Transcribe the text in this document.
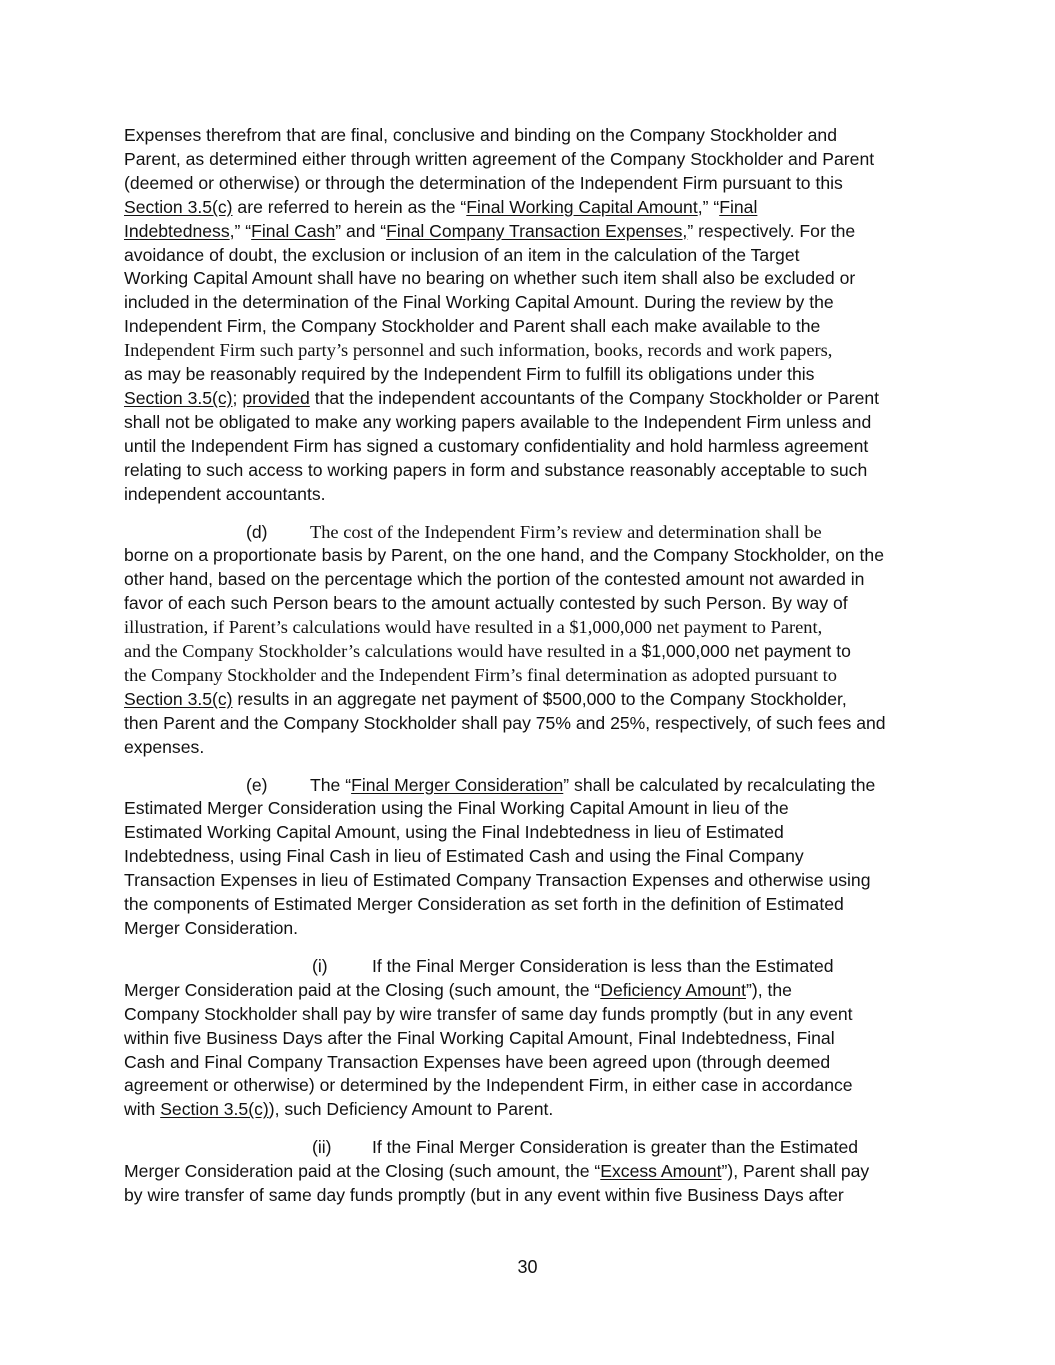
Expenses therefrom that are final, conclusive and binding on the Company Stockholder and
Parent, as determined either through written agreement of the Company Stockholder and Parent
(deemed or otherwise) or through the determination of the Independent Firm pursuant to this
Section 3.5(c) are referred to herein as the “Final Working Capital Amount,” “Final
Indebtedness,” “Final Cash” and “Final Company Transaction Expenses,” respectively. For the
avoidance of doubt, the exclusion or inclusion of an item in the calculation of the Target
Working Capital Amount shall have no bearing on whether such item shall also be excluded or
included in the determination of the Final Working Capital Amount. During the review by the
Independent Firm, the Company Stockholder and Parent shall each make available to the
Independent Firm such party’s personnel and such information, books, records and work papers,
as may be reasonably required by the Independent Firm to fulfill its obligations under this
Section 3.5(c); provided that the independent accountants of the Company Stockholder or Parent
shall not be obligated to make any working papers available to the Independent Firm unless and
until the Independent Firm has signed a customary confidentiality and hold harmless agreement
relating to such access to working papers in form and substance reasonably acceptable to such
independent accountants.
(d) The cost of the Independent Firm’s review and determination shall be
borne on a proportionate basis by Parent, on the one hand, and the Company Stockholder, on the
other hand, based on the percentage which the portion of the contested amount not awarded in
favor of each such Person bears to the amount actually contested by such Person. By way of
illustration, if Parent’s calculations would have resulted in a $1,000,000 net payment to Parent,
and the Company Stockholder’s calculations would have resulted in a $1,000,000 net payment to
the Company Stockholder and the Independent Firm’s final determination as adopted pursuant to
Section 3.5(c) results in an aggregate net payment of $500,000 to the Company Stockholder,
then Parent and the Company Stockholder shall pay 75% and 25%, respectively, of such fees and
expenses.
(e) The “Final Merger Consideration” shall be calculated by recalculating the
Estimated Merger Consideration using the Final Working Capital Amount in lieu of the
Estimated Working Capital Amount, using the Final Indebtedness in lieu of Estimated
Indebtedness, using Final Cash in lieu of Estimated Cash and using the Final Company
Transaction Expenses in lieu of Estimated Company Transaction Expenses and otherwise using
the components of Estimated Merger Consideration as set forth in the definition of Estimated
Merger Consideration.
(i)	If the Final Merger Consideration is less than the Estimated
Merger Consideration paid at the Closing (such amount, the “Deficiency Amount”), the
Company Stockholder shall pay by wire transfer of same day funds promptly (but in any event
within five Business Days after the Final Working Capital Amount, Final Indebtedness, Final
Cash and Final Company Transaction Expenses have been agreed upon (through deemed
agreement or otherwise) or determined by the Independent Firm, in either case in accordance
with Section 3.5(c)), such Deficiency Amount to Parent.
(ii) If the Final Merger Consideration is greater than the Estimated
Merger Consideration paid at the Closing (such amount, the “Excess Amount”), Parent shall pay
by wire transfer of same day funds promptly (but in any event within five Business Days after
30
